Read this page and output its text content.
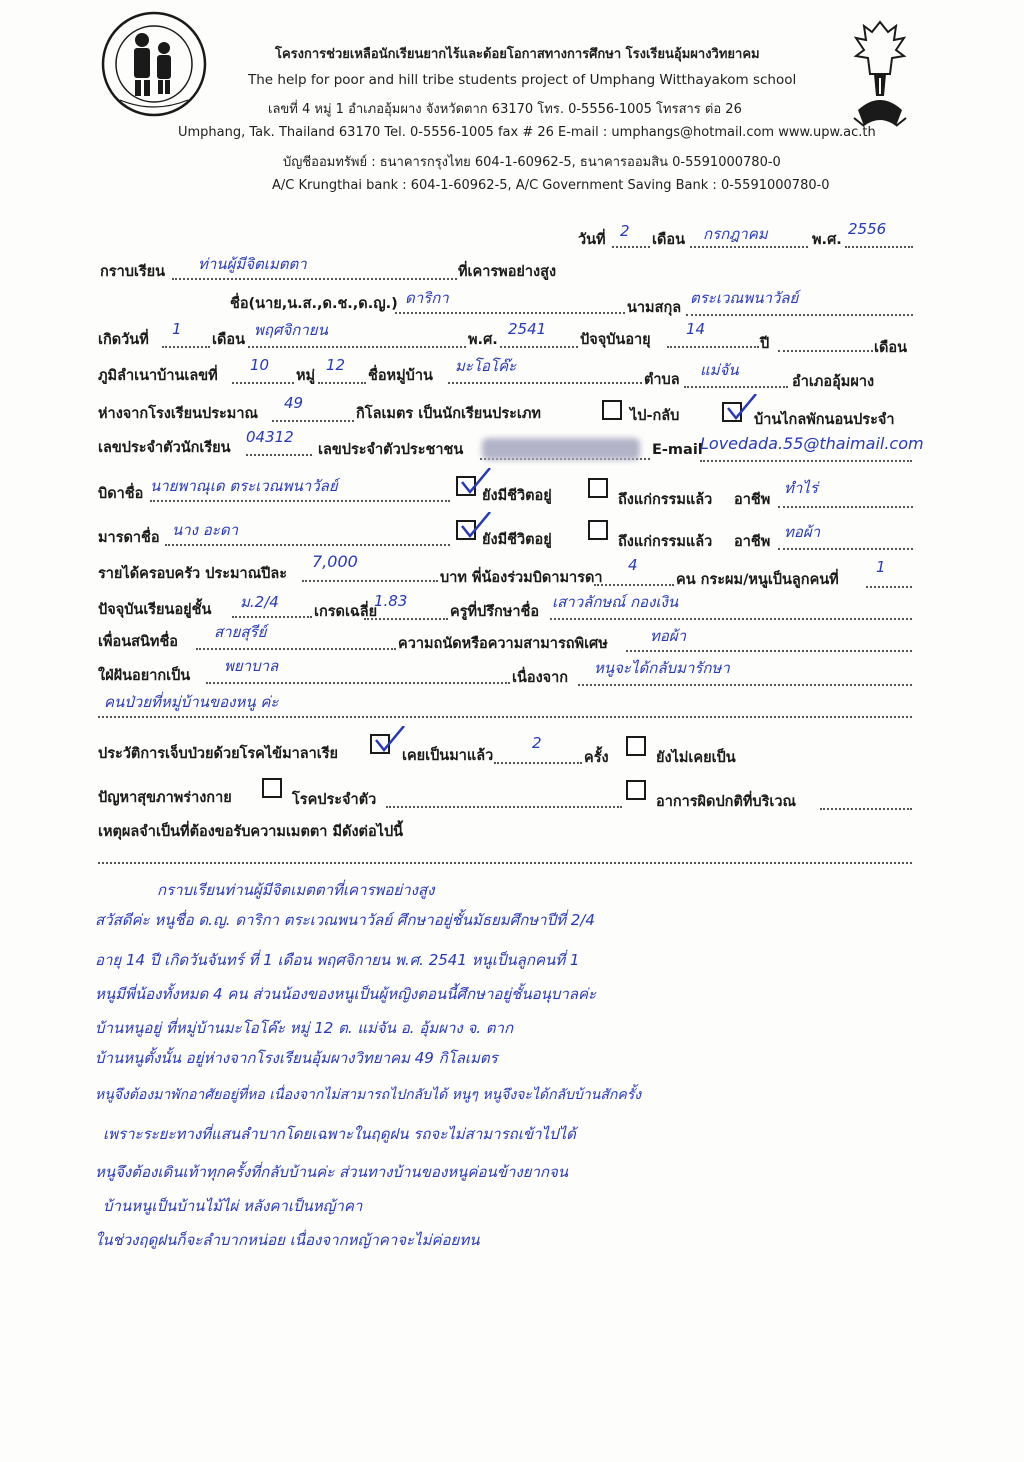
โครงการช่วยเหลือนักเรียนยากไร้และด้อยโอกาสทางการศึกษา โรงเรียนอุ้มผางวิทยาคม
The help for poor and hill tribe students project of Umphang Witthayakom school
เลขที่ 4 หมู่ 1 อำเภออุ้มผาง จังหวัดตาก 63170 โทร. 0-5556-1005 โทรสาร ต่อ 26
Umphang, Tak. Thailand 63170 Tel. 0-5556-1005 fax # 26 E-mail : umphangs@hotmail.com www.upw.ac.th
บัญชีออมทรัพย์ : ธนาคารกรุงไทย 604-1-60962-5, ธนาคารออมสิน 0-5591000780-0
A/C Krungthai bank : 604-1-60962-5, A/C Government Saving Bank : 0-5591000780-0
วันที่ 2 เดือน กรกฎาคม	พ.ศ.
2556
กราบเรียน ท่านผู้มีจิตเมตตา	ที่เคารพอย่างสูง
ชื่อ(นาย,น.ส.,ด.ช.,ด.ญ.) ดาริกา
นามสกุล
ตระเวณพนาวัลย์
เกิดวันที่
1
เดือน
พฤศจิกายน
พ.ศ.
2541
ปัจจุบันอายุ
14
ปี	เดือน
ภูมิลำเนาบ้านเลขที่
10
หมู่
12
ชื่อหมู่บ้าน
มะโอโค๊ะ
ตำบล
แม่จัน
อำเภออุ้มผาง
ห่างจากโรงเรียนประมาณ
49
กิโลเมตร เป็นนักเรียนประเภท	ไป-กลับ	บ้านไกลพักนอนประจำ
เลขประจำตัวนักเรียน
04312
เลขประจำตัวประชาชน	E-mail
Lovedada.55@thaimail.com
บิดาชื่อ นายพาณุเด ตระเวณพนาวัลย์
ยังมีชีวิตอยู่	ถึงแก่กรรมแล้ว อาชีพ
ทำไร่
มารดาชื่อ นาง อะดา
ยังมีชีวิตอยู่	ถึงแก่กรรมแล้ว อาชีพ
ทอผ้า
รายได้ครอบครัว ประมาณปีละ
7,000
บาท พี่น้องร่วมบิดามารดา
4
คน กระผม/หนูเป็นลูกคนที่
1
ปัจจุบันเรียนอยู่ชั้น ม.2/4
เกรดเฉลี่ย
1.83
ครูที่ปรึกษาชื่อ
เสาวลักษณ์ กองเงิน
เพื่อนสนิทชื่อ
สายสุรีย์
ความถนัดหรือความสามารถพิเศษ	ทอผ้า
ใฝ่ฝันอยากเป็น
พยาบาล
เนื่องจาก
หนูจะได้กลับมารักษา
คนป่วยที่หมู่บ้านของหนู ค่ะ
ประวัติการเจ็บป่วยด้วยโรคไข้มาลาเรีย	เคยเป็นมาแล้ว
2
ครั้ง	ยังไม่เคยเป็น
ปัญหาสุขภาพร่างกาย	โรคประจำตัว	อาการผิดปกติที่บริเวณ
เหตุผลจำเป็นที่ต้องขอรับความเมตตา มีดังต่อไปนี้
กราบเรียนท่านผู้มีจิตเมตตาที่เคารพอย่างสูง
สวัสดีค่ะ หนูชื่อ ด.ญ. ดาริกา ตระเวณพนาวัลย์ ศึกษาอยู่ชั้นมัธยมศึกษาปีที่ 2/4
อายุ 14 ปี เกิดวันจันทร์ ที่ 1 เดือน พฤศจิกายน พ.ศ. 2541 หนูเป็นลูกคนที่ 1
หนูมีพี่น้องทั้งหมด 4 คน ส่วนน้องของหนูเป็นผู้หญิงตอนนี้ศึกษาอยู่ชั้นอนุบาลค่ะ
บ้านหนูอยู่ ที่หมู่บ้านมะโอโค๊ะ หมู่ 12 ต. แม่จัน อ. อุ้มผาง จ. ตาก
บ้านหนูตั้งนั้น อยู่ห่างจากโรงเรียนอุ้มผางวิทยาคม 49 กิโลเมตร
หนูจึงต้องมาพักอาศัยอยู่ที่หอ เนื่องจากไม่สามารถไปกลับได้ หนูๆ หนูจึงจะได้กลับบ้านสักครั้ง
เพราะระยะทางที่แสนลำบากโดยเฉพาะในฤดูฝน รถจะไม่สามารถเข้าไปได้
หนูจึงต้องเดินเท้าทุกครั้งที่กลับบ้านค่ะ ส่วนทางบ้านของหนูค่อนข้างยากจน
บ้านหนูเป็นบ้านไม้ไผ่ หลังคาเป็นหญ้าคา
ในช่วงฤดูฝนก็จะลำบากหน่อย เนื่องจากหญ้าคาจะไม่ค่อยทน
